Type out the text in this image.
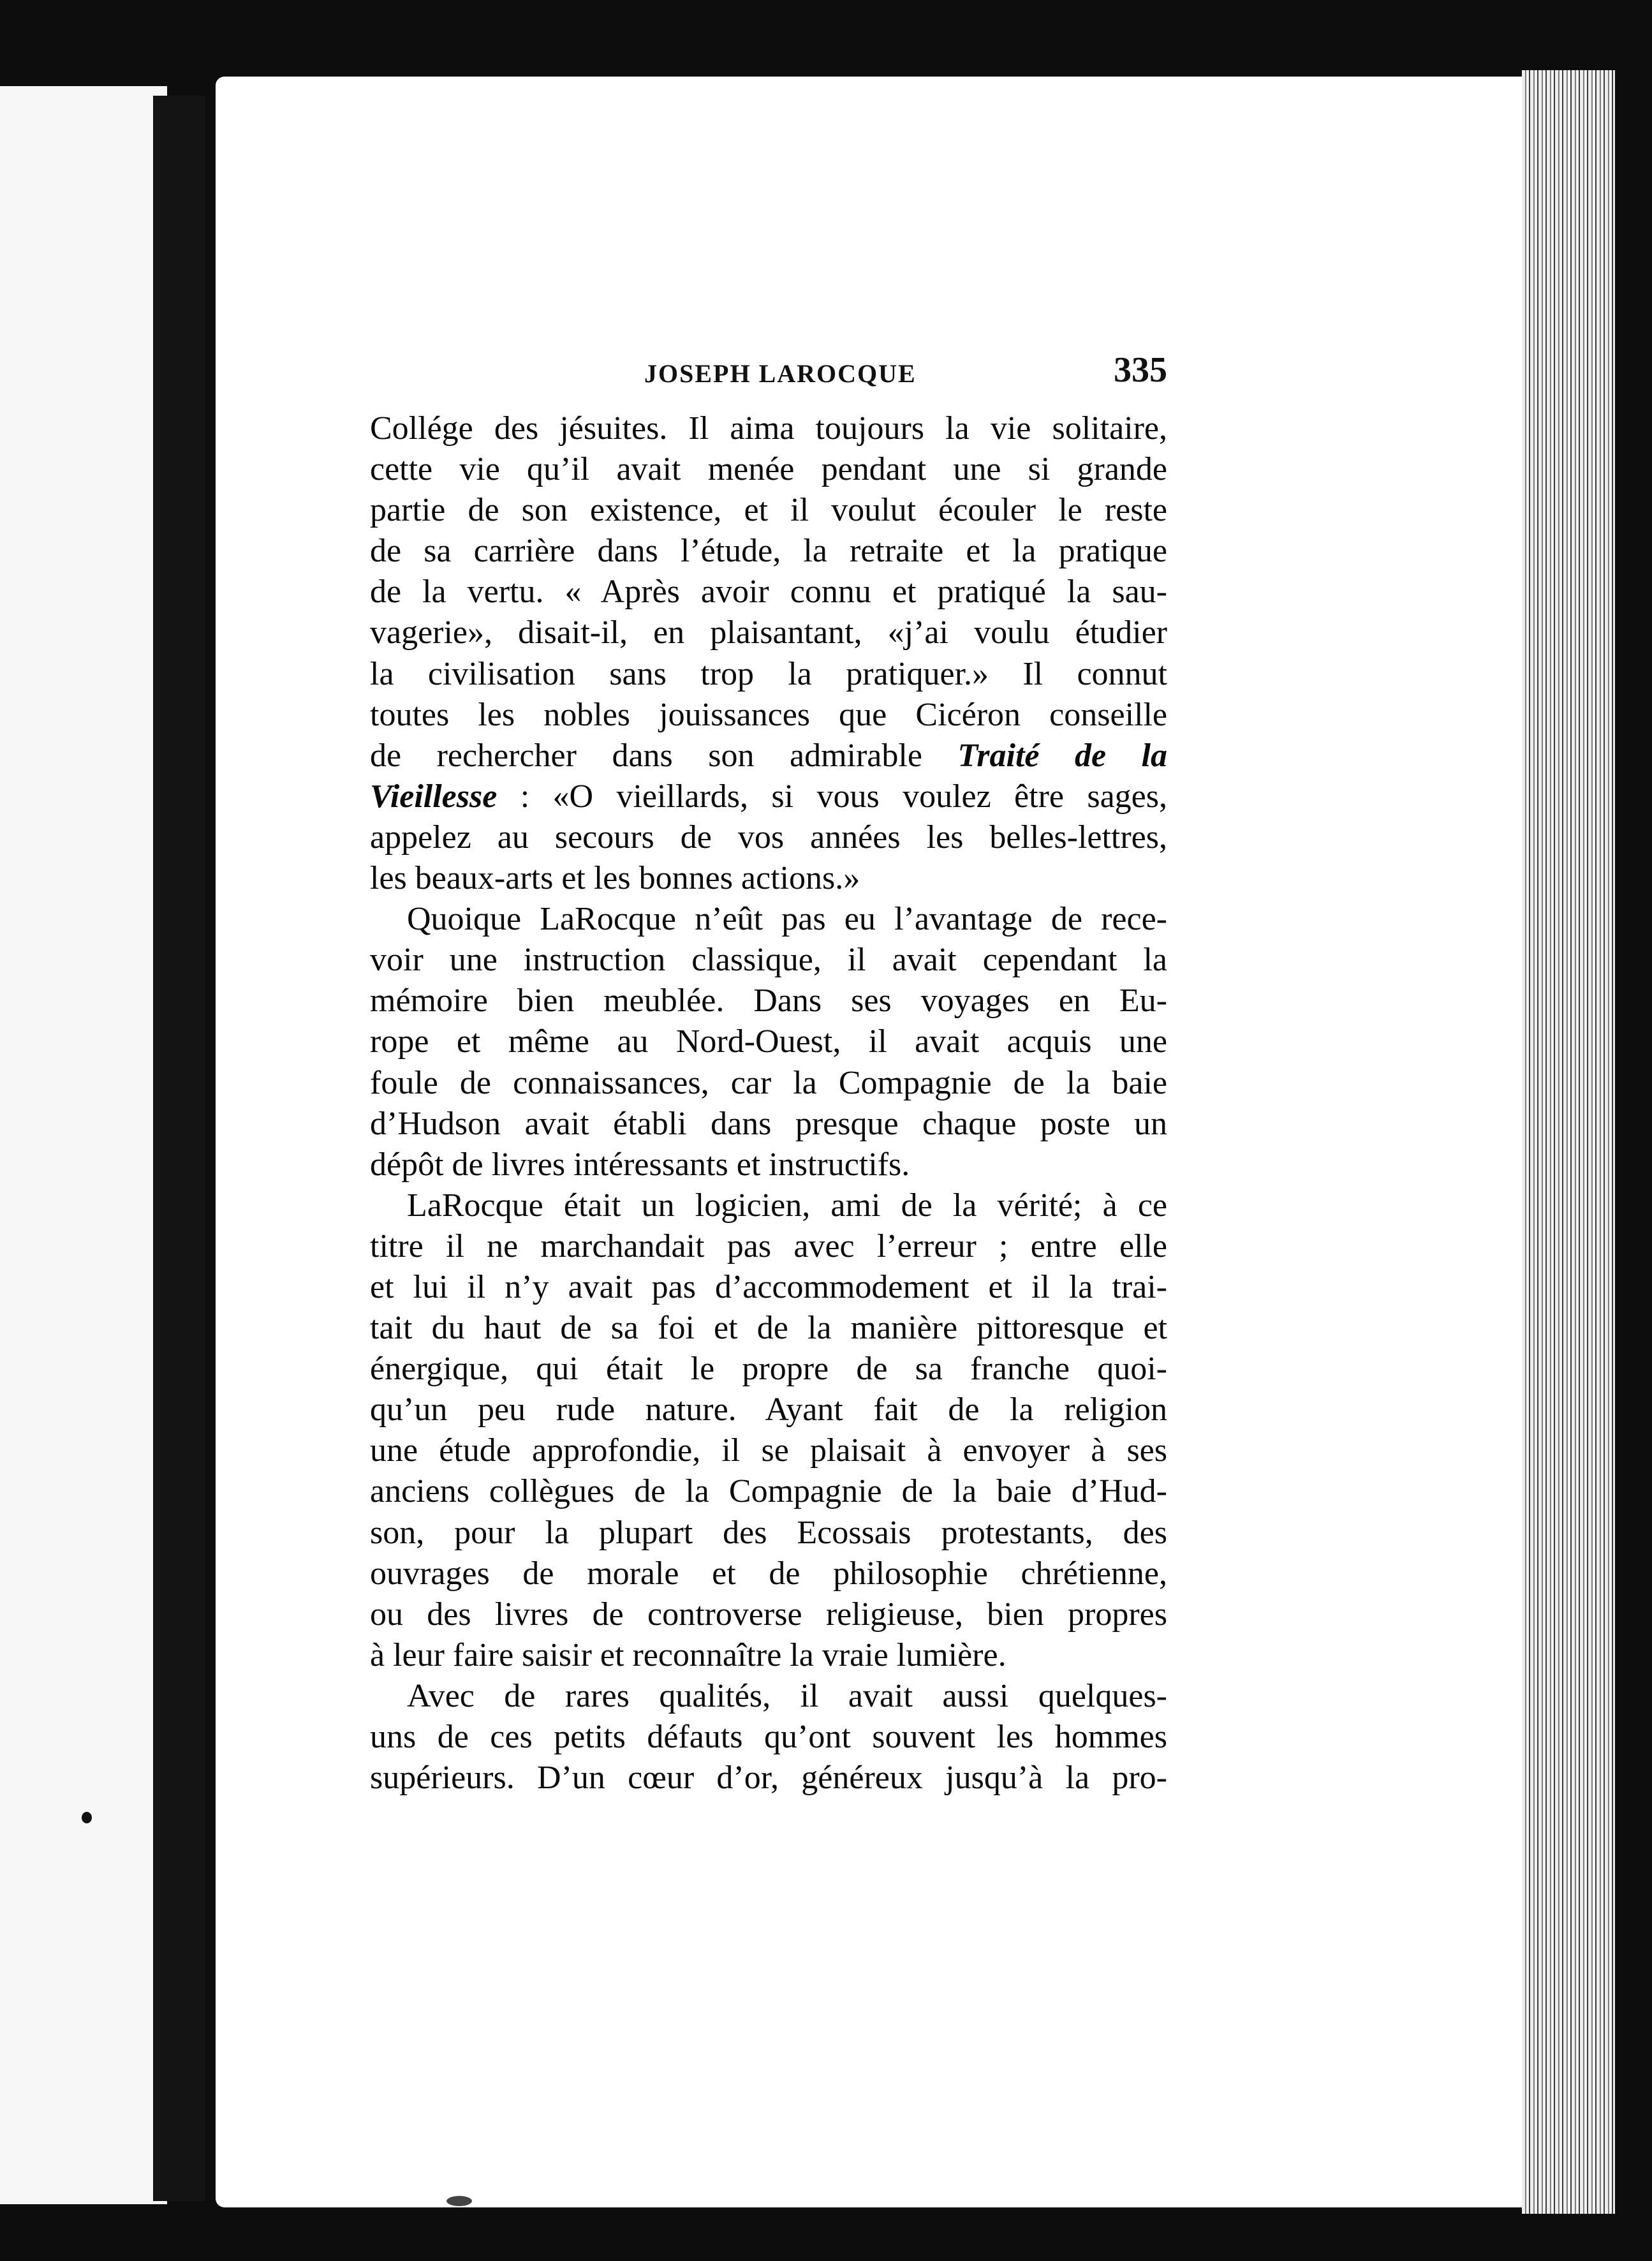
JOSEPH LAROCQUE	335
Collége des jésuites. Il aima toujours la vie solitaire,
cette vie qu’il avait menée pendant une si grande
partie de son existence, et il voulut écouler le reste
de sa carrière dans l’étude, la retraite et la pratique
de la vertu. « Après avoir connu et pratiqué la sau-
vagerie», disait-il, en plaisantant, «j’ai voulu étudier
la civilisation sans trop la pratiquer.» Il connut
toutes les nobles jouissances que Cicéron conseille
de rechercher dans son admirable Traité de la
Vieillesse : «O vieillards, si vous voulez être sages,
appelez au secours de vos années les belles-lettres,
les beaux-arts et les bonnes actions.»
Quoique LaRocque n’eût pas eu l’avantage de rece-
voir une instruction classique, il avait cependant la
mémoire bien meublée. Dans ses voyages en Eu-
rope et même au Nord-Ouest, il avait acquis une
foule de connaissances, car la Compagnie de la baie
d’Hudson avait établi dans presque chaque poste un
dépôt de livres intéressants et instructifs.
LaRocque était un logicien, ami de la vérité; à ce
titre il ne marchandait pas avec l’erreur ; entre elle
et lui il n’y avait pas d’accommodement et il la trai-
tait du haut de sa foi et de la manière pittoresque et
énergique, qui était le propre de sa franche quoi-
qu’un peu rude nature. Ayant fait de la religion
une étude approfondie, il se plaisait à envoyer à ses
anciens collègues de la Compagnie de la baie d’Hud-
son, pour la plupart des Ecossais protestants, des
ouvrages de morale et de philosophie chrétienne,
ou des livres de controverse religieuse, bien propres
à leur faire saisir et reconnaître la vraie lumière.
Avec de rares qualités, il avait aussi quelques-
uns de ces petits défauts qu’ont souvent les hommes
supérieurs. D’un cœur d’or, généreux jusqu’à la pro-
